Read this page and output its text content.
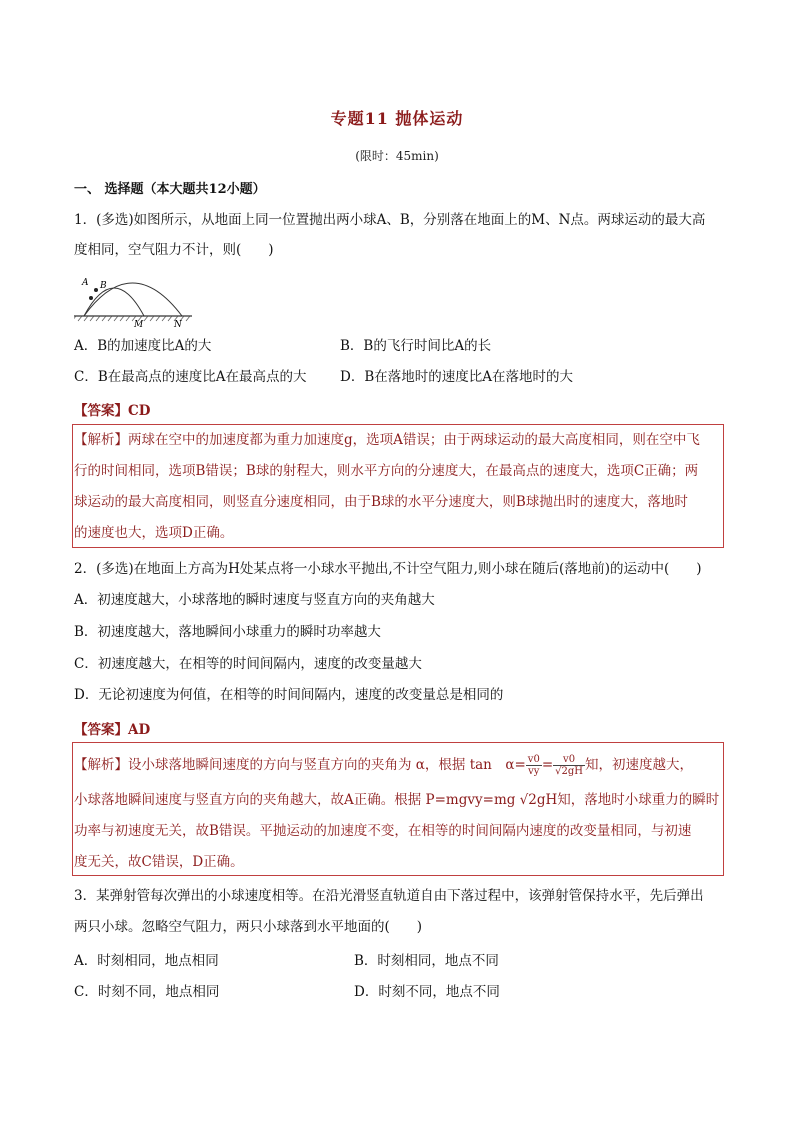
专题11 抛体运动
(限时：45min)
一、 选择题（本大题共12小题）
1．(多选)如图所示，从地面上同一位置抛出两小球A、B，分别落在地面上的M、N点。两球运动的最大高
度相同，空气阻力不计，则(　　)
A B
M	N
A．B的加速度比A的大	B．B的飞行时间比A的长
C．B在最高点的速度比A在最高点的大 D．B在落地时的速度比A在落地时的大
【答案】CD
【解析】两球在空中的加速度都为重力加速度g，选项A错误；由于两球运动的最大高度相同，则在空中飞
行的时间相同，选项B错误；B球的射程大，则水平方向的分速度大，在最高点的速度大，选项C正确；两
球运动的最大高度相同，则竖直分速度相同，由于B球的水平分速度大，则B球抛出时的速度大，落地时
的速度也大，选项D正确。
2．(多选)在地面上方高为H处某点将一小球水平抛出,不计空气阻力,则小球在随后(落地前)的运动中(　　)
A．初速度越大，小球落地的瞬时速度与竖直方向的夹角越大
B．初速度越大，落地瞬间小球重力的瞬时功率越大
C．初速度越大，在相等的时间间隔内，速度的改变量越大
D．无论初速度为何值，在相等的时间间隔内，速度的改变量总是相同的
【答案】AD
【解析】设小球落地瞬间速度的方向与竖直方向的夹角为 α，根据 tan　$\alpha= \frac{v0}{vy} = \frac{v0}{√2gH}$ 知，初速度越大，
小球落地瞬间速度与竖直方向的夹角越大，故A正确。根据 P=mgvy=mg √2gH知，落地时小球重力的瞬时
功率与初速度无关，故B错误。平抛运动的加速度不变，在相等的时间间隔内速度的改变量相同，与初速
度无关，故C错误，D正确。
3．某弹射管每次弹出的小球速度相等。在沿光滑竖直轨道自由下落过程中，该弹射管保持水平，先后弹出
两只小球。忽略空气阻力，两只小球落到水平地面的(　　)
A．时刻相同，地点相同	B．时刻相同，地点不同
C．时刻不同，地点相同	D．时刻不同，地点不同
